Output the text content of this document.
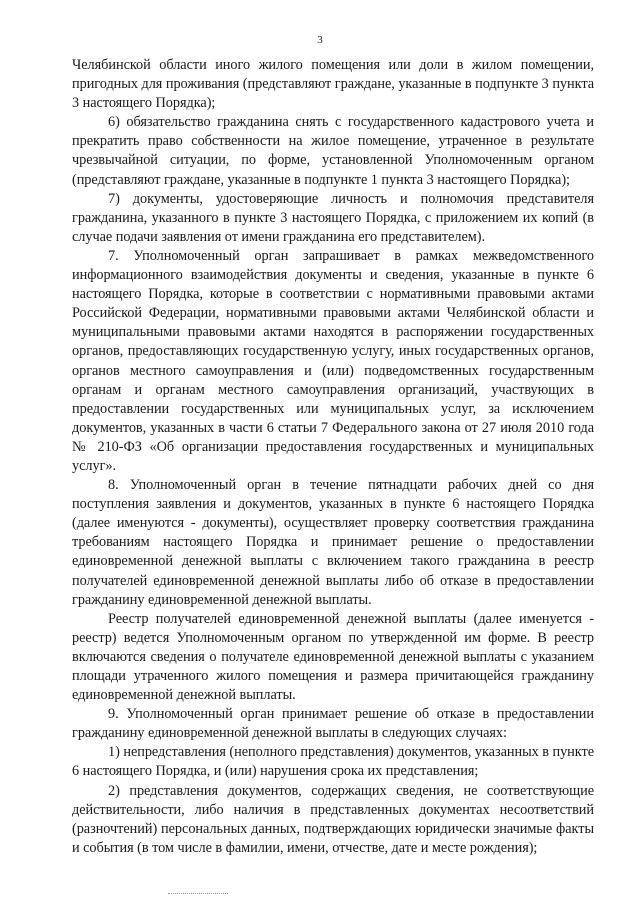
3

Челябинской области иного жилого помещения или доли в жилом помещении, пригодных для проживания (представляют граждане, указанные в подпункте 3 пункта 3 настоящего Порядка);

6) обязательство гражданина снять с государственного кадастрового учета и прекратить право собственности на жилое помещение, утраченное в результате чрезвычайной ситуации, по форме, установленной Уполномоченным органом (представляют граждане, указанные в подпункте 1 пункта 3 настоящего Порядка);

7) документы, удостоверяющие личность и полномочия представителя гражданина, указанного в пункте 3 настоящего Порядка, с приложением их копий (в случае подачи заявления от имени гражданина его представителем).

7. Уполномоченный орган запрашивает в рамках межведомственного информационного взаимодействия документы и сведения, указанные в пункте 6 настоящего Порядка, которые в соответствии с нормативными правовыми актами Российской Федерации, нормативными правовыми актами Челябинской области и муниципальными правовыми актами находятся в распоряжении государственных органов, предоставляющих государственную услугу, иных государственных органов, органов местного самоуправления и (или) подведомственных государственным органам и органам местного самоуправления организаций, участвующих в предоставлении государственных или муниципальных услуг, за исключением документов, указанных в части 6 статьи 7 Федерального закона от 27 июля 2010 года № 210-ФЗ «Об организации предоставления государственных и муниципальных услуг».

8. Уполномоченный орган в течение пятнадцати рабочих дней со дня поступления заявления и документов, указанных в пункте 6 настоящего Порядка (далее именуются - документы), осуществляет проверку соответствия гражданина требованиям настоящего Порядка и принимает решение о предоставлении единовременной денежной выплаты с включением такого гражданина в реестр получателей единовременной денежной выплаты либо об отказе в предоставлении гражданину единовременной денежной выплаты.

Реестр получателей единовременной денежной выплаты (далее именуется - реестр) ведется Уполномоченным органом по утвержденной им форме. В реестр включаются сведения о получателе единовременной денежной выплаты с указанием площади утраченного жилого помещения и размера причитающейся гражданину единовременной денежной выплаты.

9. Уполномоченный орган принимает решение об отказе в предоставлении гражданину единовременной денежной выплаты в следующих случаях:

1) непредставления (неполного представления) документов, указанных в пункте 6 настоящего Порядка, и (или) нарушения срока их представления;

2) представления документов, содержащих сведения, не соответствующие действительности, либо наличия в представленных документах несоответствий (разночтений) персональных данных, подтверждающих юридически значимые факты и события (в том числе в фамилии, имени, отчестве, дате и месте рождения);
